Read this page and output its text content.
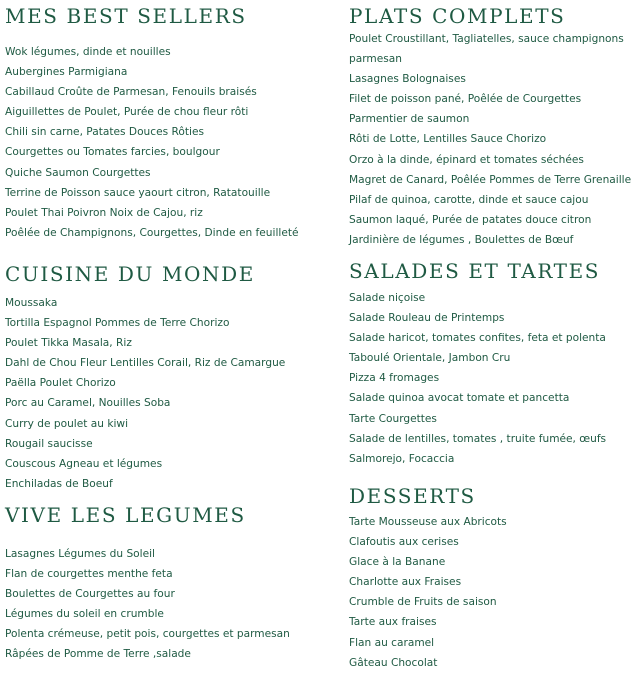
MES BEST SELLERS
Wok légumes, dinde et nouilles
Aubergines Parmigiana
Cabillaud Croûte de Parmesan, Fenouils braisés
Aiguillettes de Poulet, Purée de chou fleur rôti
Chili sin carne, Patates Douces Rôties
Courgettes ou Tomates farcies, boulgour
Quiche Saumon Courgettes
Terrine de Poisson sauce yaourt citron, Ratatouille
Poulet Thai Poivron Noix de Cajou, riz
Poêlée de Champignons, Courgettes, Dinde en feuilleté
CUISINE DU MONDE
Moussaka
Tortilla Espagnol Pommes de Terre Chorizo
Poulet Tikka Masala, Riz
Dahl de Chou Fleur Lentilles Corail, Riz de Camargue
Paëlla Poulet Chorizo
Porc au Caramel, Nouilles Soba
Curry de poulet au kiwi
Rougail saucisse
Couscous Agneau et légumes
Enchiladas de Boeuf
VIVE LES LEGUMES
Lasagnes Légumes du Soleil
Flan de courgettes menthe feta
Boulettes de Courgettes au four
Légumes du soleil en crumble
Polenta crémeuse, petit pois, courgettes et parmesan
Râpées de Pomme de Terre ,salade
PLATS COMPLETS
Poulet Croustillant, Tagliatelles, sauce champignons parmesan
Lasagnes Bolognaises
Filet de poisson pané, Poêlée de Courgettes
Parmentier de saumon
Rôti de Lotte, Lentilles Sauce Chorizo
Orzo à la dinde, épinard et tomates séchées
Magret de Canard, Poêlée Pommes de Terre Grenaille
Pilaf de quinoa, carotte, dinde et sauce cajou
Saumon laqué, Purée de patates douce citron
Jardinière de légumes , Boulettes de Bœuf
SALADES ET TARTES
Salade niçoise
Salade Rouleau de Printemps
Salade haricot, tomates confites, feta et polenta
Taboulé Orientale, Jambon Cru
Pizza 4 fromages
Salade quinoa avocat tomate et pancetta
Tarte Courgettes
Salade de lentilles, tomates , truite fumée, œufs
Salmorejo, Focaccia
DESSERTS
Tarte Mousseuse aux Abricots
Clafoutis aux cerises
Glace à la Banane
Charlotte aux Fraises
Crumble de Fruits de saison
Tarte aux fraises
Flan au caramel
Gâteau Chocolat
